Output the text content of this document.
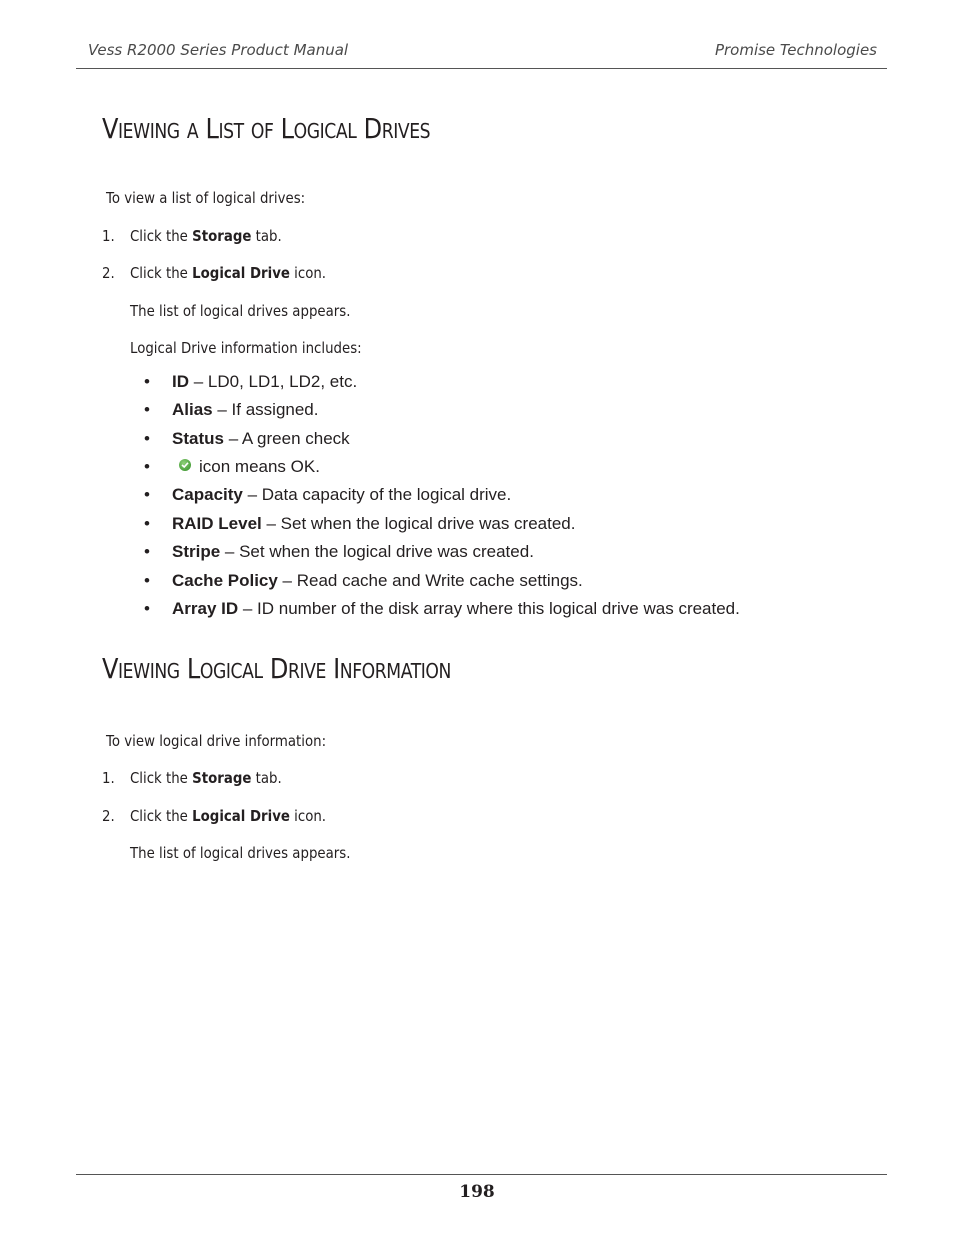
Vess R2000 Series Product Manual	Promise Technologies
Viewing a List of Logical Drives
To view a list of logical drives:
1. Click the Storage tab.
2. Click the Logical Drive icon.
The list of logical drives appears.
Logical Drive information includes:
• ID – LD0, LD1, LD2, etc.
• Alias – If assigned.
• Status – A green check
•	icon means OK.
• Capacity – Data capacity of the logical drive.
• RAID Level – Set when the logical drive was created.
• Stripe – Set when the logical drive was created.
• Cache Policy – Read cache and Write cache settings.
• Array ID – ID number of the disk array where this logical drive was created.
Viewing Logical Drive Information
To view logical drive information:
1. Click the Storage tab.
2. Click the Logical Drive icon.
The list of logical drives appears.
198
